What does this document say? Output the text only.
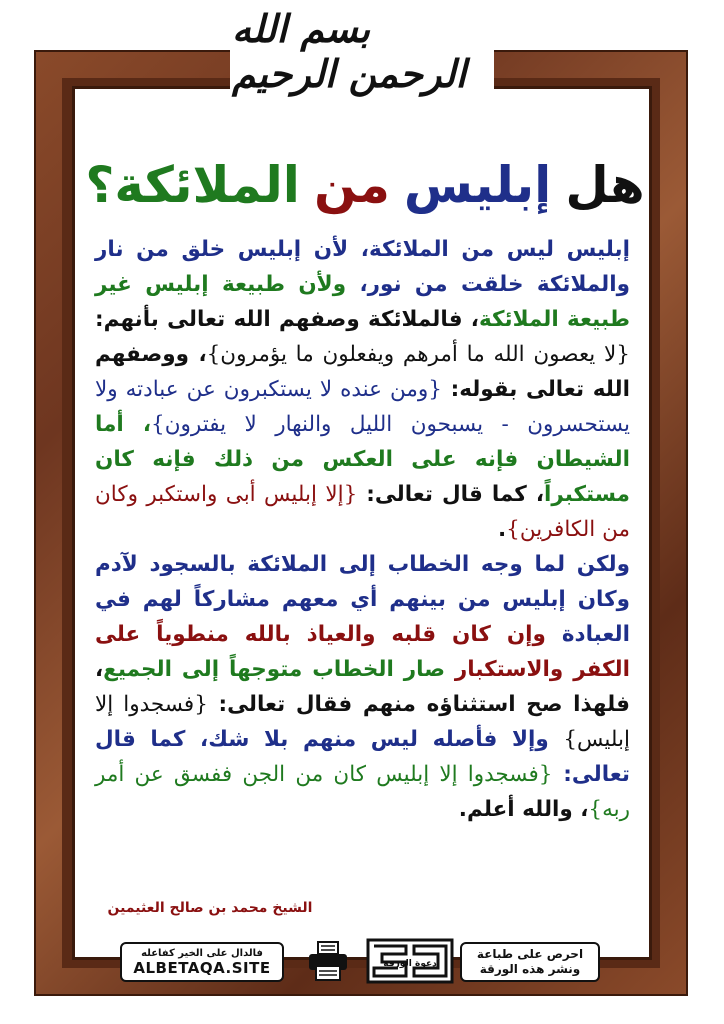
بسم الله الرحمن الرحيم
هل
إبليس
من
الملائكة؟
إبليس ليس من الملائكة، لأن إبليس خلق من نار والملائكة خلقت من نور، ولأن طبيعة إبليس غير طبيعة الملائكة، فالملائكة وصفهم الله تعالى بأنهم: {لا يعصون الله ما أمرهم ويفعلون ما يؤمرون}، ووصفهم الله تعالى بقوله: {ومن عنده لا يستكبرون عن عبادته ولا يستحسرون - يسبحون الليل والنهار لا يفترون}، أما الشيطان فإنه على العكس من ذلك فإنه كان مستكبراً، كما قال تعالى: {إلا إبليس أبى واستكبر وكان من الكافرين}.
ولكن لما وجه الخطاب إلى الملائكة بالسجود لآدم وكان إبليس من بينهم أي معهم مشاركاً لهم في العبادة وإن كان قلبه والعياذ بالله منطوياً على الكفر والاستكبار صار الخطاب متوجهاً إلى الجميع، فلهذا صح استثناؤه منهم فقال تعالى: {فسجدوا إلا إبليس} وإلا فأصله ليس منهم بلا شك، كما قال تعالى: {فسجدوا إلا إبليس كان من الجن ففسق عن أمر ربه}، والله أعلم.
الشيخ محمد بن صالح العثيمين
فالدال على الخير كفاعله
ALBETAQA.SITE	دعوة الورقة
احرص على طباعة
ونشر هذه الورقة
